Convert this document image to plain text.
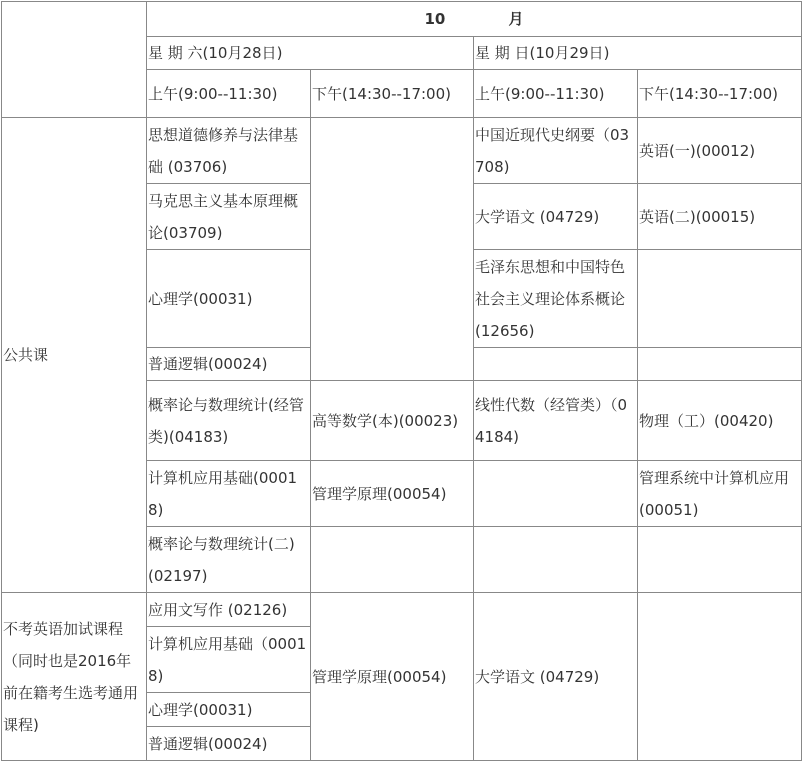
	10 月			
	星 期 六(10月28日)		星 期 日(10月29日)	
	上午(9:00--11:30)	下午(14:30--17:00)	上午(9:00--11:30)	下午(14:30--17:00)
公共课	思想道德修养与法律基础 (03706)		中国近现代史纲要（03708)	英语(一)(00012)
	马克思主义基本原理概论(03709)		大学语文 (04729)	英语(二)(00015)
	心理学(00031)		毛泽东思想和中国特色社会主义理论体系概论(12656)	
	普通逻辑(00024)			
	概率论与数理统计(经管类)(04183)	高等数学(本)(00023)	线性代数（经管类）（04184)	物理（工）(00420)
	计算机应用基础(00018)	管理学原理(00054)		管理系统中计算机应用(00051)
	概率论与数理统计(二)(02197)			
不考英语加试课程（同时也是2016年前在籍考生选考通用课程)	应用文写作 (02126)	管理学原理(00054)	大学语文 (04729)	
	计算机应用基础（00018)			
	心理学(00031)			
	普通逻辑(00024)			
